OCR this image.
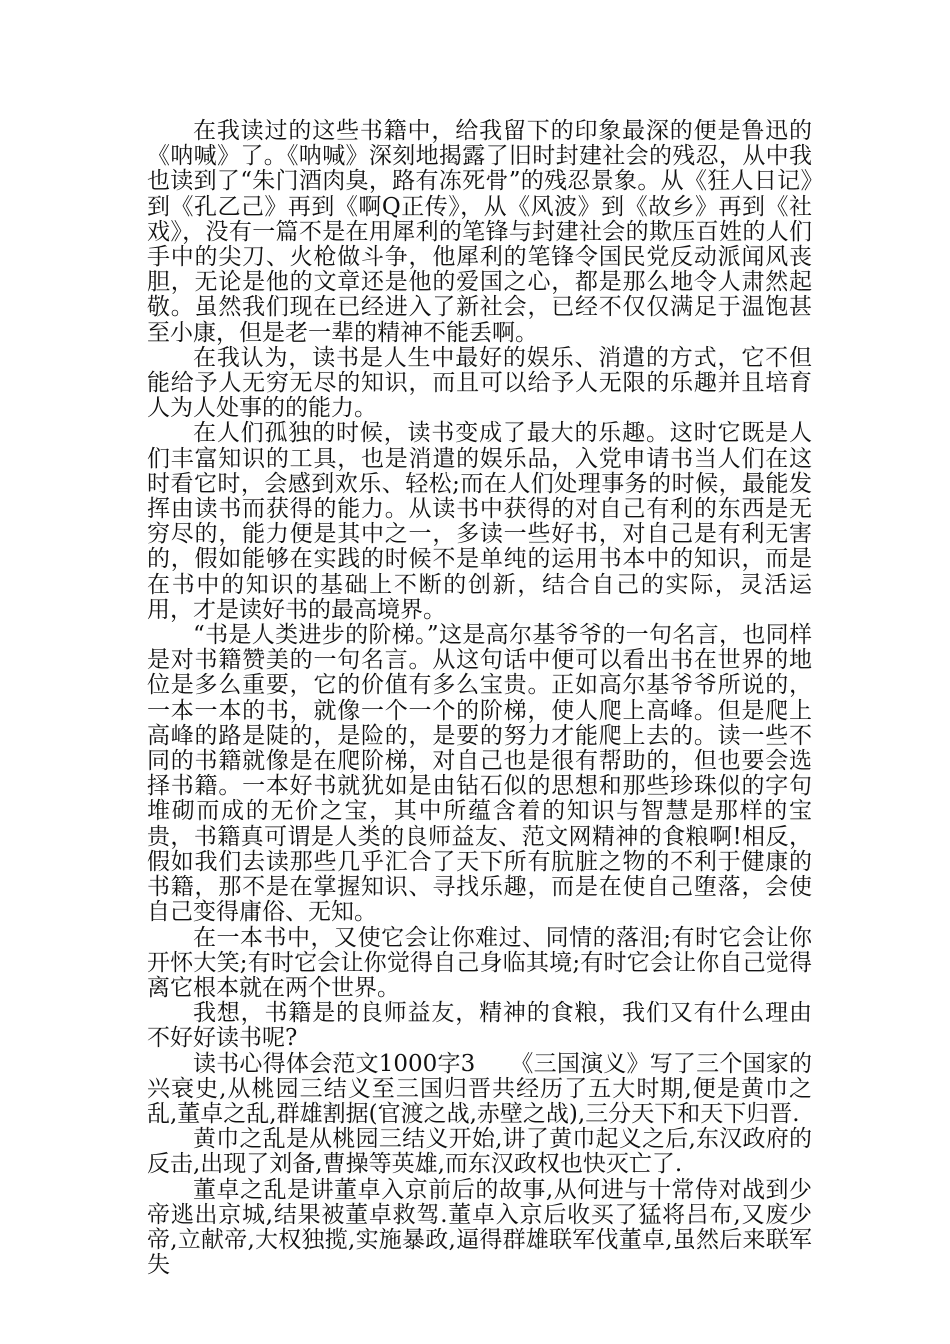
在我读过的这些书籍中，给我留下的印象最深的便是鲁迅的《呐喊》了。《呐喊》深刻地揭露了旧时封建社会的残忍，从中我也读到了“朱门酒肉臭，路有冻死骨”的残忍景象。从《狂人日记》到《孔乙己》再到《啊Q正传》，从《风波》到《故乡》再到《社戏》，没有一篇不是在用犀利的笔锋与封建社会的欺压百姓的人们手中的尖刀、火枪做斗争，他犀利的笔锋令国民党反动派闻风丧胆，无论是他的文章还是他的爱国之心，都是那么地令人肃然起敬。虽然我们现在已经进入了新社会，已经不仅仅满足于温饱甚至小康，但是老一辈的精神不能丢啊。

在我认为，读书是人生中最好的娱乐、消遣的方式，它不但能给予人无穷无尽的知识，而且可以给予人无限的乐趣并且培育人为人处事的的能力。

在人们孤独的时候，读书变成了最大的乐趣。这时它既是人们丰富知识的工具，也是消遣的娱乐品，入党申请书当人们在这时看它时，会感到欢乐、轻松;而在人们处理事务的时候，最能发挥由读书而获得的能力。从读书中获得的对自己有利的东西是无穷尽的，能力便是其中之一，多读一些好书，对自己是有利无害的，假如能够在实践的时候不是单纯的运用书本中的知识，而是在书中的知识的基础上不断的创新，结合自己的实际，灵活运用，才是读好书的最高境界。

“书是人类进步的阶梯。”这是高尔基爷爷的一句名言，也同样是对书籍赞美的一句名言。从这句话中便可以看出书在世界的地位是多么重要，它的价值有多么宝贵。正如高尔基爷爷所说的，一本一本的书，就像一个一个的阶梯，使人爬上高峰。但是爬上高峰的路是陡的，是险的，是要的努力才能爬上去的。读一些不同的书籍就像是在爬阶梯，对自己也是很有帮助的，但也要会选择书籍。一本好书就犹如是由钻石似的思想和那些珍珠似的字句堆砌而成的无价之宝，其中所蕴含着的知识与智慧是那样的宝贵，书籍真可谓是人类的良师益友、范文网精神的食粮啊!相反，假如我们去读那些几乎汇合了天下所有肮脏之物的不利于健康的书籍，那不是在掌握知识、寻找乐趣，而是在使自己堕落，会使自己变得庸俗、无知。

在一本书中，又使它会让你难过、同情的落泪;有时它会让你开怀大笑;有时它会让你觉得自己身临其境;有时它会让你自己觉得离它根本就在两个世界。

我想，书籍是的良师益友，精神的食粮，我们又有什么理由不好好读书呢?

读书心得体会范文1000字3　　《三国演义》写了三个国家的兴衰史,从桃园三结义至三国归晋共经历了五大时期,便是黄巾之乱,董卓之乱,群雄割据(官渡之战,赤壁之战),三分天下和天下归晋.

黄巾之乱是从桃园三结义开始,讲了黄巾起义之后,东汉政府的反击,出现了刘备,曹操等英雄,而东汉政权也快灭亡了.

董卓之乱是讲董卓入京前后的故事,从何进与十常侍对战到少帝逃出京城,结果被董卓救驾.董卓入京后收买了猛将吕布,又废少帝,立献帝,大权独揽,实施暴政,逼得群雄联军伐董卓,虽然后来联军失
